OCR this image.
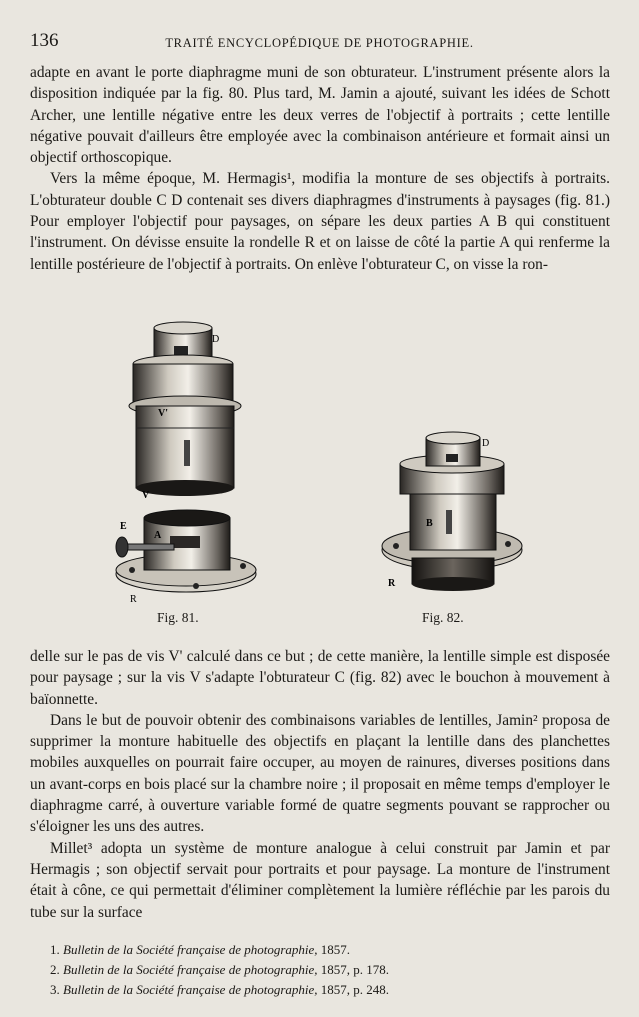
136	TRAITÉ ENCYCLOPÉDIQUE DE PHOTOGRAPHIE.

adapte en avant le porte diaphragme muni de son obturateur. L'instrument présente alors la disposition indiquée par la fig. 80. Plus tard, M. Jamin a ajouté, suivant les idées de Schott Archer, une lentille négative entre les deux verres de l'objectif à portraits ; cette lentille négative pouvait d'ailleurs être employée avec la combinaison antérieure et formait ainsi un objectif orthoscopique.

Vers la même époque, M. Hermagis¹, modifia la monture de ses objectifs à portraits. L'obturateur double C D contenait ses divers diaphragmes d'instruments à paysages (fig. 81.) Pour employer l'objectif pour paysages, on sépare les deux parties A B qui constituent l'instrument. On dévisse ensuite la rondelle R et on laisse de côté la partie A qui renferme la lentille postérieure de l'objectif à portraits. On enlève l'obturateur C, on visse la ron-

D
V'
V
E
A
R
D
B
R
Fig. 81.	Fig. 82.

delle sur le pas de vis V' calculé dans ce but ; de cette manière, la lentille simple est disposée pour paysage ; sur la vis V s'adapte l'obturateur C (fig. 82) avec le bouchon à mouvement à baïonnette.

Dans le but de pouvoir obtenir des combinaisons variables de lentilles, Jamin² proposa de supprimer la monture habituelle des objectifs en plaçant la lentille dans des planchettes mobiles auxquelles on pourrait faire occuper, au moyen de rainures, diverses positions dans un avant-corps en bois placé sur la chambre noire ; il proposait en même temps d'employer le diaphragme carré, à ouverture variable formé de quatre segments pouvant se rapprocher ou s'éloigner les uns des autres.

Millet³ adopta un système de monture analogue à celui construit par Jamin et par Hermagis ; son objectif servait pour portraits et pour paysage. La monture de l'instrument était à cône, ce qui permettait d'éliminer complètement la lumière réfléchie par les parois du tube sur la surface

1. Bulletin de la Société française de photographie, 1857.
2. Bulletin de la Société française de photographie, 1857, p. 178.
3. Bulletin de la Société française de photographie, 1857, p. 248.
